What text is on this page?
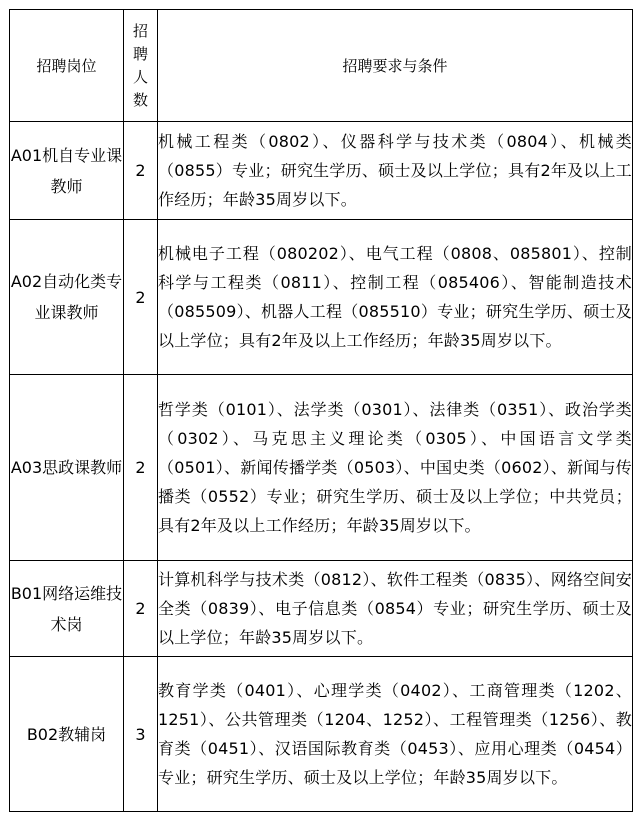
招聘岗位	招
聘
人
数	招聘要求与条件
A01机自专业课教师	2	机械工程类（0802）、仪器科学与技术类（0804）、机械类（0855）专业；研究生学历、硕士及以上学位；具有2年及以上工作经历；年龄35周岁以下。
A02自动化类专业课教师	2	机械电子工程（080202）、电气工程（0808、085801）、控制科学与工程类（0811）、控制工程（085406）、智能制造技术（085509）、机器人工程（085510）专业；研究生学历、硕士及以上学位；具有2年及以上工作经历；年龄35周岁以下。
A03思政课教师	2	哲学类（0101）、法学类（0301）、法律类（0351）、政治学类（0302）、马克思主义理论类（0305）、中国语言文学类（0501）、新闻传播学类（0503）、中国史类（0602）、新闻与传播类（0552）专业；研究生学历、硕士及以上学位；中共党员；具有2年及以上工作经历；年龄35周岁以下。
B01网络运维技术岗	2	计算机科学与技术类（0812）、软件工程类（0835）、网络空间安全类（0839）、电子信息类（0854）专业；研究生学历、硕士及以上学位；年龄35周岁以下。
B02教辅岗	3	教育学类（0401）、心理学类（0402）、工商管理类（1202、1251）、公共管理类（1204、1252）、工程管理类（1256）、教育类（0451）、汉语国际教育类（0453）、应用心理类（0454）专业；研究生学历、硕士及以上学位；年龄35周岁以下。
